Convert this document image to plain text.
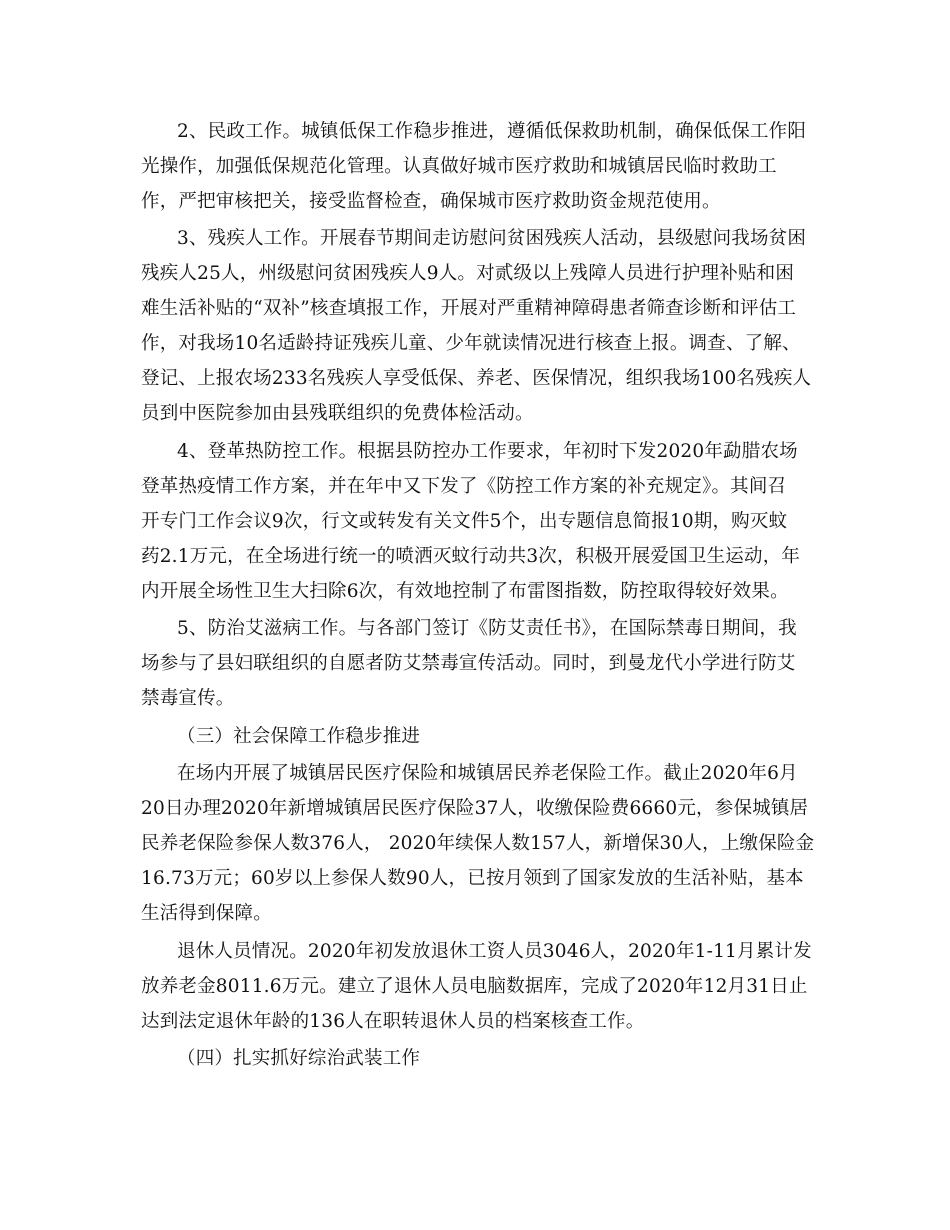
2、民政工作。城镇低保工作稳步推进，遵循低保救助机制，确保低保工作阳
光操作，加强低保规范化管理。认真做好城市医疗救助和城镇居民临时救助工
作，严把审核把关，接受监督检查，确保城市医疗救助资金规范使用。
3、残疾人工作。开展春节期间走访慰问贫困残疾人活动，县级慰问我场贫困
残疾人25人，州级慰问贫困残疾人9人。对贰级以上残障人员进行护理补贴和困
难生活补贴的“双补”核查填报工作，开展对严重精神障碍患者筛查诊断和评估工
作，对我场10名适龄持证残疾儿童、少年就读情况进行核查上报。调查、了解、
登记、上报农场233名残疾人享受低保、养老、医保情况，组织我场100名残疾人
员到中医院参加由县残联组织的免费体检活动。
4、登革热防控工作。根据县防控办工作要求，年初时下发2020年勐腊农场
登革热疫情工作方案，并在年中又下发了《防控工作方案的补充规定》。其间召
开专门工作会议9次，行文或转发有关文件5个，出专题信息简报10期，购灭蚊
药2.1万元，在全场进行统一的喷洒灭蚊行动共3次，积极开展爱国卫生运动，年
内开展全场性卫生大扫除6次，有效地控制了布雷图指数，防控取得较好效果。
5、防治艾滋病工作。与各部门签订《防艾责任书》，在国际禁毒日期间，我
场参与了县妇联组织的自愿者防艾禁毒宣传活动。同时，到曼龙代小学进行防艾
禁毒宣传。
（三）社会保障工作稳步推进
在场内开展了城镇居民医疗保险和城镇居民养老保险工作。截止2020年6月
20日办理2020年新增城镇居民医疗保险37人，收缴保险费6660元，参保城镇居
民养老保险参保人数376人， 2020年续保人数157人，新增保30人，上缴保险金
16.73万元；60岁以上参保人数90人，已按月领到了国家发放的生活补贴，基本
生活得到保障。
退休人员情况。2020年初发放退休工资人员3046人，2020年1-11月累计发
放养老金8011.6万元。建立了退休人员电脑数据库，完成了2020年12月31日止
达到法定退休年龄的136人在职转退休人员的档案核查工作。
（四）扎实抓好综治武装工作
